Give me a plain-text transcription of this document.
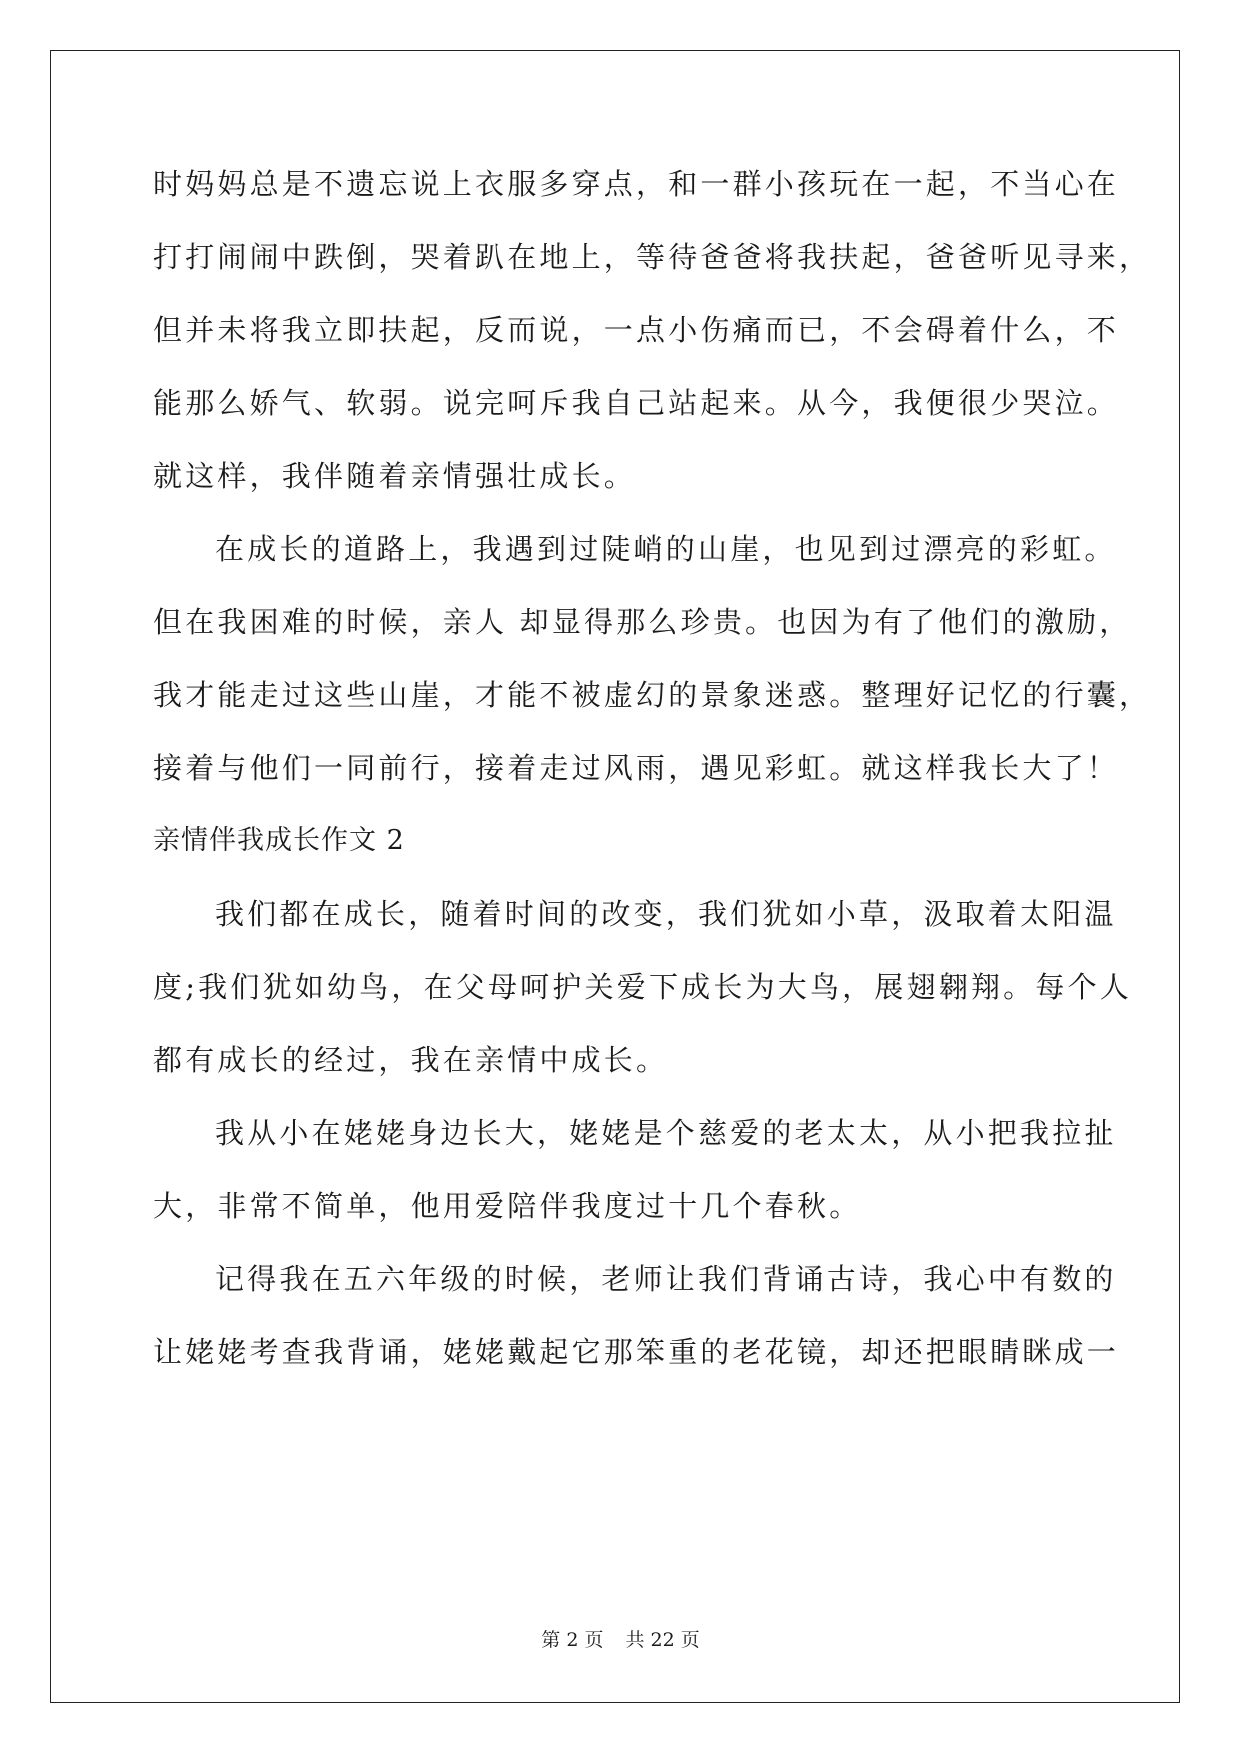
时妈妈总是不遗忘说上衣服多穿点，和一群小孩玩在一起，不当心在
打打闹闹中跌倒，哭着趴在地上，等待爸爸将我扶起，爸爸听见寻来，
但并未将我立即扶起，反而说，一点小伤痛而已，不会碍着什么，不
能那么娇气、软弱。说完呵斥我自己站起来。从今，我便很少哭泣。
就这样，我伴随着亲情强壮成长。
在成长的道路上，我遇到过陡峭的山崖，也见到过漂亮的彩虹。
但在我困难的时候，亲人 却显得那么珍贵。也因为有了他们的激励，
我才能走过这些山崖，才能不被虚幻的景象迷惑。整理好记忆的行囊，
接着与他们一同前行，接着走过风雨，遇见彩虹。就这样我长大了！
亲情伴我成长作文 2
我们都在成长，随着时间的改变，我们犹如小草，汲取着太阳温
度;我们犹如幼鸟，在父母呵护关爱下成长为大鸟，展翅翱翔。每个人
都有成长的经过，我在亲情中成长。
我从小在姥姥身边长大，姥姥是个慈爱的老太太，从小把我拉扯
大，非常不简单，他用爱陪伴我度过十几个春秋。
记得我在五六年级的时候，老师让我们背诵古诗，我心中有数的
让姥姥考查我背诵，姥姥戴起它那笨重的老花镜，却还把眼睛眯成一
第 2 页 共 22 页
